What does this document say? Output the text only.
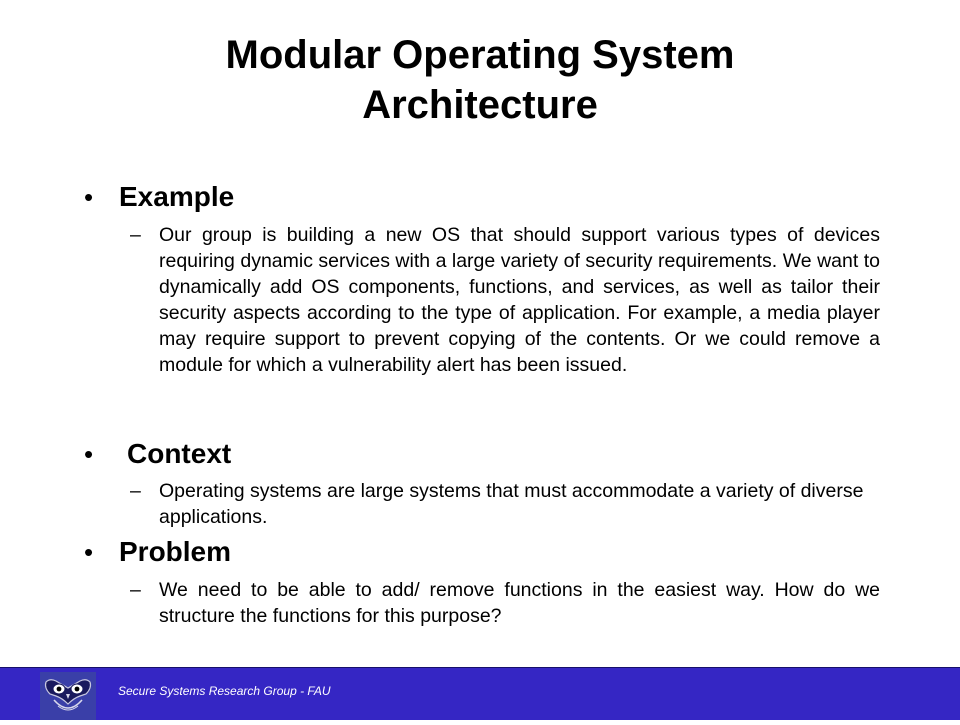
Modular Operating System
Architecture
• Example
– Our group is building a new OS that should support various types of devices requiring dynamic services with a large variety of security requirements. We want to dynamically add OS components, functions, and services, as well as tailor their security aspects according to the type of application. For example, a media player may require support to prevent copying of the contents. Or we could remove a module for which a vulnerability alert has been issued.
• Context
– Operating systems are large systems that must accommodate a variety of diverse applications.
• Problem
– We need to be able to add/ remove functions in the easiest way. How do we structure the functions for this purpose?
Secure Systems Research Group - FAU
